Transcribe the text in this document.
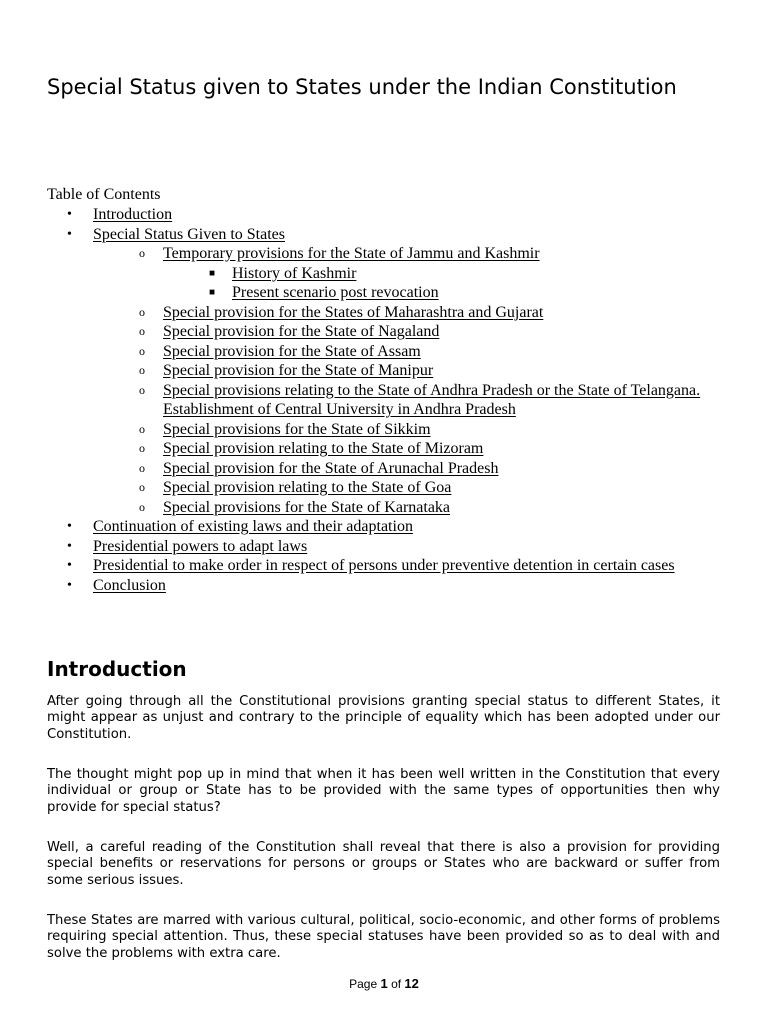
Special Status given to States under the Indian Constitution
Table of Contents
• Introduction
• Special Status Given to States
o Temporary provisions for the State of Jammu and Kashmir
■ History of Kashmir
■ Present scenario post revocation
o Special provision for the States of Maharashtra and Gujarat
o Special provision for the State of Nagaland
o Special provision for the State of Assam
o Special provision for the State of Manipur
o Special provisions relating to the State of Andhra Pradesh or the State of Telangana. Establishment of Central University in Andhra Pradesh
o Special provisions for the State of Sikkim
o Special provision relating to the State of Mizoram
o Special provision for the State of Arunachal Pradesh
o Special provision relating to the State of Goa
o Special provisions for the State of Karnataka
• Continuation of existing laws and their adaptation
• Presidential powers to adapt laws
• Presidential to make order in respect of persons under preventive detention in certain cases
• Conclusion
Introduction

After going through all the Constitutional provisions granting special status to different States, it might appear as unjust and contrary to the principle of equality which has been adopted under our Constitution.

The thought might pop up in mind that when it has been well written in the Constitution that every individual or group or State has to be provided with the same types of opportunities then why provide for special status?

Well, a careful reading of the Constitution shall reveal that there is also a provision for providing special benefits or reservations for persons or groups or States who are backward or suffer from some serious issues.

These States are marred with various cultural, political, socio-economic, and other forms of problems requiring special attention. Thus, these special statuses have been provided so as to deal with and solve the problems with extra care.

Page 1 of 12
